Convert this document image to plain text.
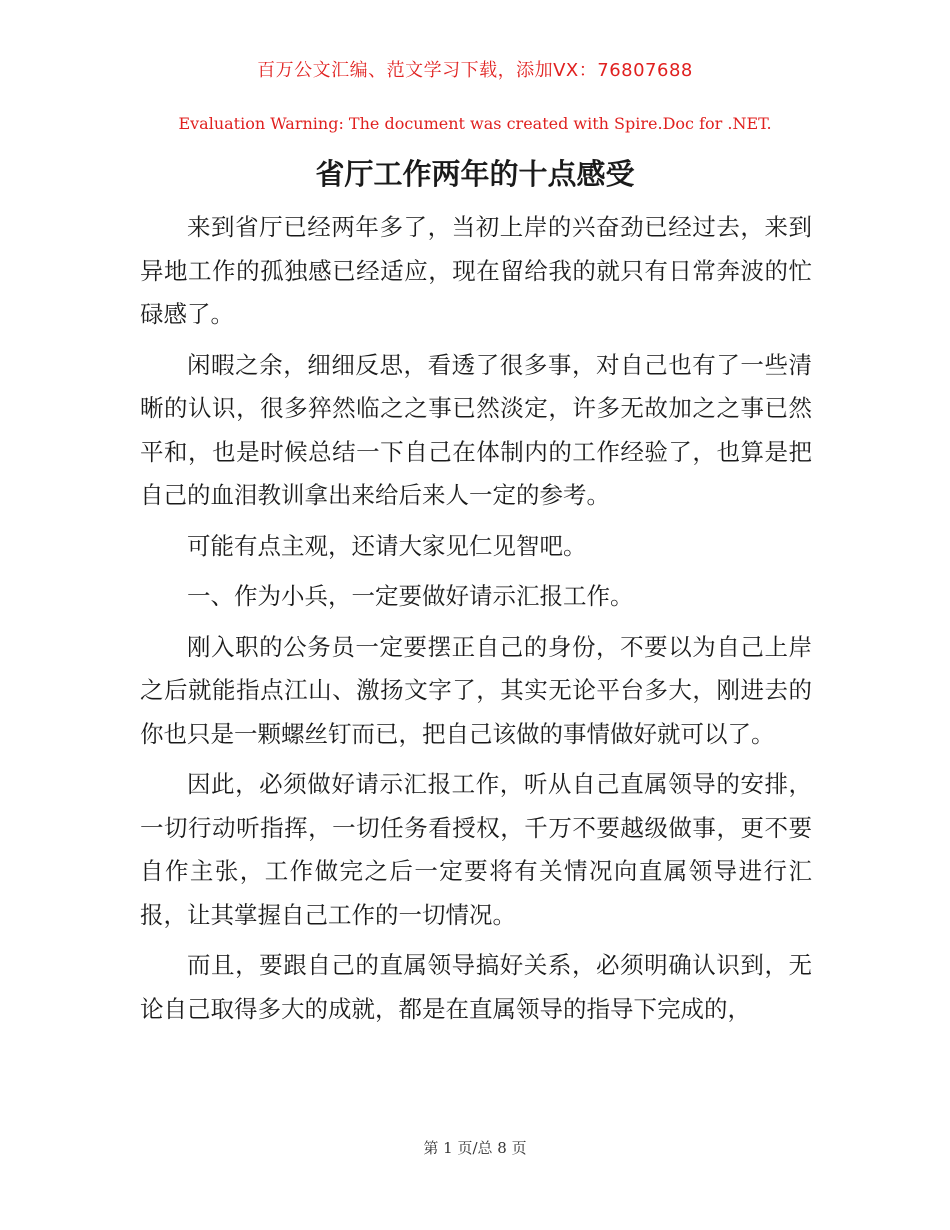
百万公文汇编、范文学习下载，添加VX：76807688
Evaluation Warning: The document was created with Spire.Doc for .NET.
省厅工作两年的十点感受

来到省厅已经两年多了，当初上岸的兴奋劲已经过去，来到异地工作的孤独感已经适应，现在留给我的就只有日常奔波的忙碌感了。

闲暇之余，细细反思，看透了很多事，对自己也有了一些清晰的认识，很多猝然临之之事已然淡定，许多无故加之之事已然平和，也是时候总结一下自己在体制内的工作经验了，也算是把自己的血泪教训拿出来给后来人一定的参考。

可能有点主观，还请大家见仁见智吧。

一、作为小兵，一定要做好请示汇报工作。

刚入职的公务员一定要摆正自己的身份，不要以为自己上岸之后就能指点江山、激扬文字了，其实无论平台多大，刚进去的你也只是一颗螺丝钉而已，把自己该做的事情做好就可以了。

因此，必须做好请示汇报工作，听从自己直属领导的安排，一切行动听指挥，一切任务看授权，千万不要越级做事，更不要自作主张，工作做完之后一定要将有关情况向直属领导进行汇报，让其掌握自己工作的一切情况。

而且，要跟自己的直属领导搞好关系，必须明确认识到，无论自己取得多大的成就，都是在直属领导的指导下完成的，

第 1 页/总 8 页
